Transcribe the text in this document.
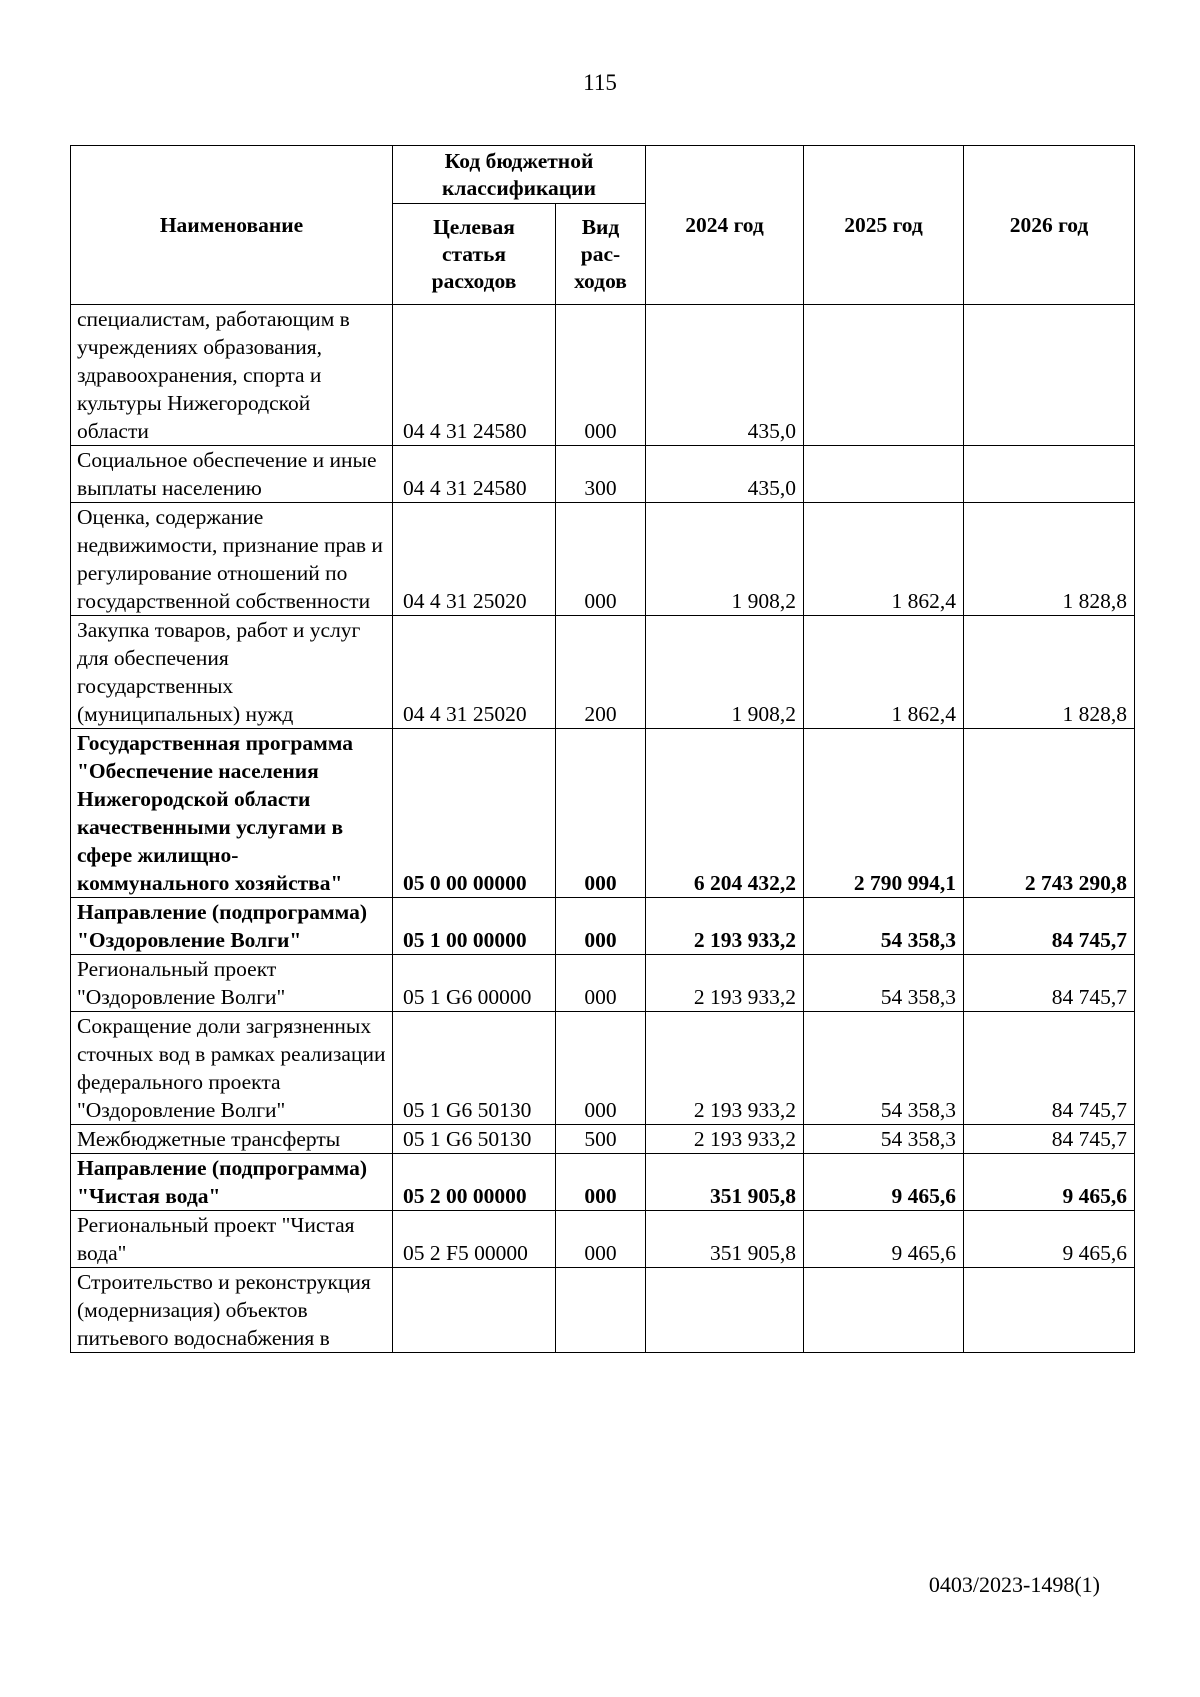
115
Наименование	Код бюджетной классификации		2024 год	2025 год	2026 год
	Целевая статья расходов	Вид рас-ходов			
специалистам, работающим в учреждениях образования, здравоохранения, спорта и культуры Нижегородской области	04 4 31 24580	000	435,0		
Социальное обеспечение и иные выплаты населению	04 4 31 24580	300	435,0		
Оценка, содержание недвижимости, признание прав и регулирование отношений по государственной собственности	04 4 31 25020	000	1 908,2	1 862,4	1 828,8
Закупка товаров, работ и услуг для обеспечения государственных (муниципальных) нужд	04 4 31 25020	200	1 908,2	1 862,4	1 828,8
Государственная программа "Обеспечение населения Нижегородской области качественными услугами в сфере жилищно-коммунального хозяйства"	05 0 00 00000	000	6 204 432,2	2 790 994,1	2 743 290,8
Направление (подпрограмма) "Оздоровление Волги"	05 1 00 00000	000	2 193 933,2	54 358,3	84 745,7
Региональный проект "Оздоровление Волги"	05 1 G6 00000	000	2 193 933,2	54 358,3	84 745,7
Сокращение доли загрязненных сточных вод в рамках реализации федерального проекта "Оздоровление Волги"	05 1 G6 50130	000	2 193 933,2	54 358,3	84 745,7
Межбюджетные трансферты	05 1 G6 50130	500	2 193 933,2	54 358,3	84 745,7
Направление (подпрограмма) "Чистая вода"	05 2 00 00000	000	351 905,8	9 465,6	9 465,6
Региональный проект "Чистая вода"	05 2 F5 00000	000	351 905,8	9 465,6	9 465,6
Строительство и реконструкция (модернизация) объектов питьевого водоснабжения в					
0403/2023-1498(1)
